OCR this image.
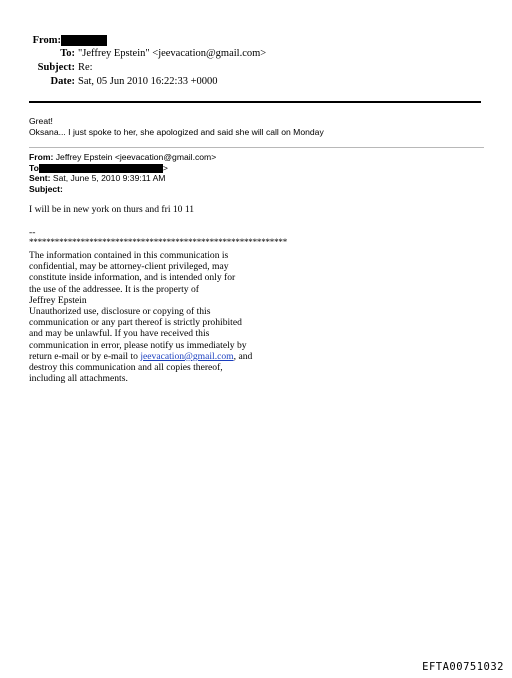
From:
To: "Jeffrey Epstein" <jeevacation@gmail.com>
Subject: Re:
Date: Sat, 05 Jun 2010 16:22:33 +0000
Great!
Oksana... I just spoke to her, she apologized and said she will call on Monday
From: Jeffrey Epstein <jeevacation@gmail.com>
To	>
Sent: Sat, June 5, 2010 9:39:11 AM
Subject:
I will be in new york on thurs and fri 10 11
--
************************************************************
The information contained in this communication is
confidential, may be attorney-client privileged, may
constitute inside information, and is intended only for
the use of the addressee. It is the property of
Jeffrey Epstein
Unauthorized use, disclosure or copying of this
communication or any part thereof is strictly prohibited
and may be unlawful. If you have received this
communication in error, please notify us immediately by
return e-mail or by e-mail to jeevacation@gmail.com, and
destroy this communication and all copies thereof,
including all attachments.
EFTA00751032
